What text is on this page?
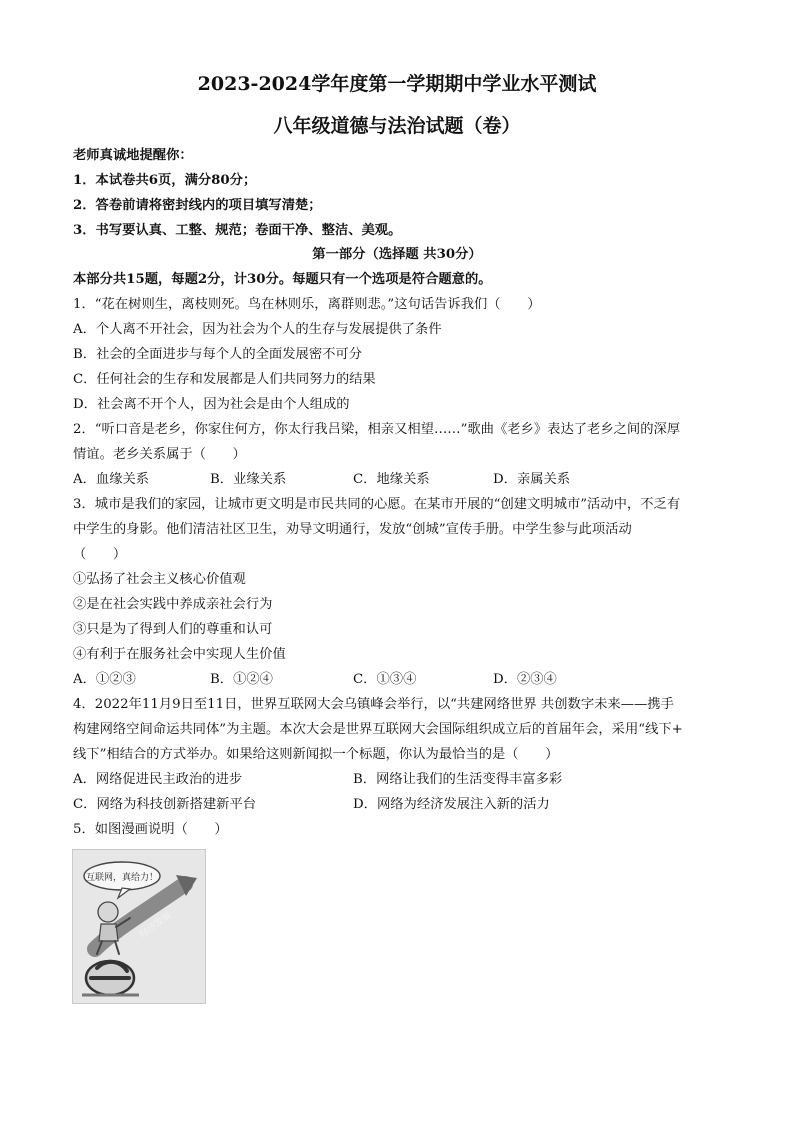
2023-2024学年度第一学期期中学业水平测试
八年级道德与法治试题（卷）
老师真诚地提醒你：
1．本试卷共6页，满分80分；
2．答卷前请将密封线内的项目填写清楚；
3．书写要认真、工整、规范；卷面干净、整洁、美观。
第一部分（选择题 共30分）
本部分共15题，每题2分，计30分。每题只有一个选项是符合题意的。
1．“花在树则生，离枝则死。鸟在林则乐，离群则悲。”这句话告诉我们（　　）
A．个人离不开社会，因为社会为个人的生存与发展提供了条件
B．社会的全面进步与每个人的全面发展密不可分
C．任何社会的生存和发展都是人们共同努力的结果
D．社会离不开个人，因为社会是由个人组成的
2．“听口音是老乡，你家住何方，你太行我吕梁，相亲又相望……”歌曲《老乡》表达了老乡之间的深厚
情谊。老乡关系属于（　　）
A．血缘关系	B．业缘关系	C．地缘关系	D．亲属关系
3．城市是我们的家园，让城市更文明是市民共同的心愿。在某市开展的“创建文明城市”活动中，不乏有
中学生的身影。他们清洁社区卫生，劝导文明通行，发放“创城”宣传手册。中学生参与此项活动
（　　）
①弘扬了社会主义核心价值观
②是在社会实践中养成亲社会行为
③只是为了得到人们的尊重和认可
④有利于在服务社会中实现人生价值
A．①②③	B．①②④	C．①③④	D．②③④
4．2022年11月9日至11日，世界互联网大会乌镇峰会举行，以“共建网络世界 共创数字未来——携手
构建网络空间命运共同体”为主题。本次大会是世界互联网大会国际组织成立后的首届年会，采用“线下+
线下”相结合的方式举办。如果给这则新闻拟一个标题，你认为最恰当的是（　　）
A．网络促进民主政治的进步	B．网络让我们的生活变得丰富多彩
C．网络为科技创新搭建新平台	D．网络为经济发展注入新的活力
5．如图漫画说明（　　）
互联网，真给力！
经济发展
